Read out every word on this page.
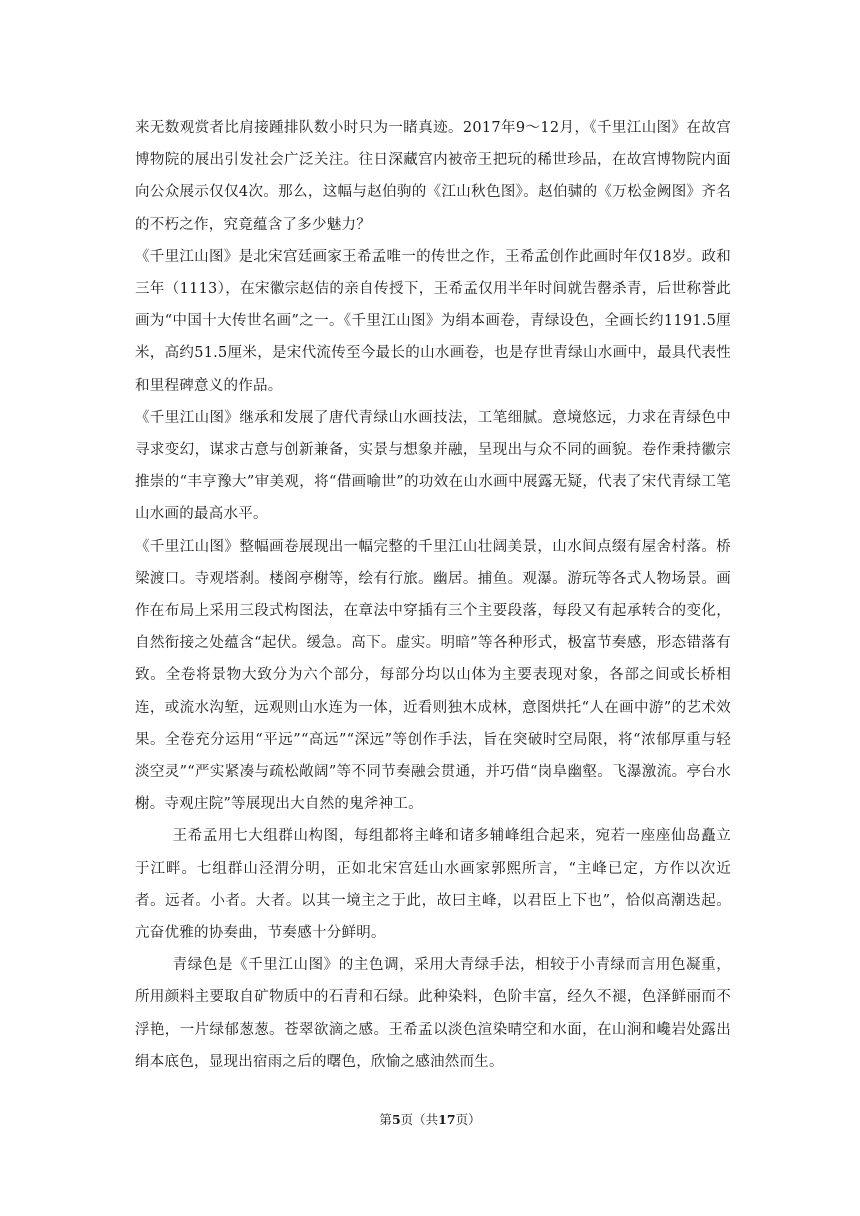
来无数观赏者比肩接踵排队数小时只为一睹真迹。2017年9～12月，《千里江山图》在故宫博物院的展出引发社会广泛关注。往日深藏宫内被帝王把玩的稀世珍品，在故宫博物院内面向公众展示仅仅4次。那么，这幅与赵伯驹的《江山秋色图》。赵伯骕的《万松金阙图》齐名的不朽之作，究竟蕴含了多少魅力？

《千里江山图》是北宋宫廷画家王希孟唯一的传世之作，王希孟创作此画时年仅18岁。政和三年（1113），在宋徽宗赵佶的亲自传授下，王希孟仅用半年时间就告罄杀青，后世称誉此画为“中国十大传世名画”之一。《千里江山图》为绢本画卷，青绿设色，全画长约1191.5厘米，高约51.5厘米，是宋代流传至今最长的山水画卷，也是存世青绿山水画中，最具代表性和里程碑意义的作品。

《千里江山图》继承和发展了唐代青绿山水画技法，工笔细腻。意境悠远，力求在青绿色中寻求变幻，谋求古意与创新兼备，实景与想象并融，呈现出与众不同的画貌。卷作秉持徽宗推崇的“丰亨豫大”审美观，将“借画喻世”的功效在山水画中展露无疑，代表了宋代青绿工笔山水画的最高水平。

《千里江山图》整幅画卷展现出一幅完整的千里江山壮阔美景，山水间点缀有屋舍村落。桥梁渡口。寺观塔刹。楼阁亭榭等，绘有行旅。幽居。捕鱼。观瀑。游玩等各式人物场景。画作在布局上采用三段式构图法，在章法中穿插有三个主要段落，每段又有起承转合的变化，自然衔接之处蕴含“起伏。缓急。高下。虚实。明暗”等各种形式，极富节奏感，形态错落有致。全卷将景物大致分为六个部分，每部分均以山体为主要表现对象，各部之间或长桥相连，或流水沟堑，远观则山水连为一体，近看则独木成林，意图烘托“人在画中游”的艺术效果。全卷充分运用“平远”“高远”“深远”等创作手法，旨在突破时空局限，将“浓郁厚重与轻淡空灵”“严实紧凑与疏松敞阔”等不同节奏融会贯通，并巧借“岗阜幽壑。飞瀑激流。亭台水榭。寺观庄院”等展现出大自然的鬼斧神工。

王希孟用七大组群山构图，每组都将主峰和诸多辅峰组合起来，宛若一座座仙岛矗立于江畔。七组群山泾渭分明，正如北宋宫廷山水画家郭熙所言，“主峰已定，方作以次近者。远者。小者。大者。以其一境主之于此，故曰主峰，以君臣上下也”，恰似高潮迭起。亢奋优雅的协奏曲，节奏感十分鲜明。

青绿色是《千里江山图》的主色调，采用大青绿手法，相较于小青绿而言用色凝重，所用颜料主要取自矿物质中的石青和石绿。此种染料，色阶丰富，经久不褪，色泽鲜丽而不浮艳，一片绿郁葱葱。苍翠欲滴之感。王希孟以淡色渲染晴空和水面，在山涧和巉岩处露出绢本底色，显现出宿雨之后的曙色，欣愉之感油然而生。

第5页（共17页）
